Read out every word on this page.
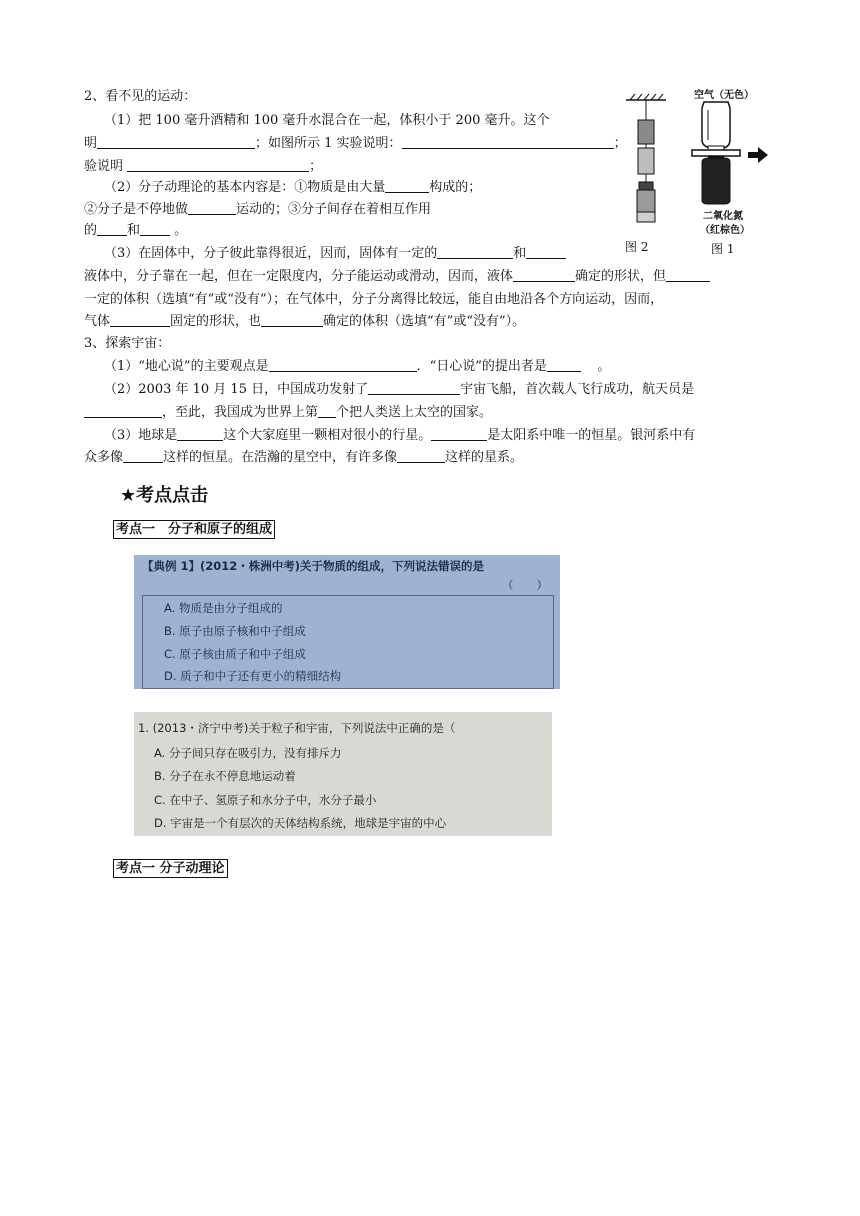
2、看不见的运动：
（1）把 100 毫升酒精和 100 毫升水混合在一起，体积小于 200 毫升。这个
明	；如图所示 1 实验说明：	；
验说明	；
（2）分子动理论的基本内容是：①物质是由大量	构成的；
②分子是不停地做	运动的；③分子间存在着相互作用
的 和	。
（3）在固体中，分子彼此靠得很近，因而，固体有一定的	和
液体中，分子靠在一起，但在一定限度内，分子能运动或滑动，因而，液体	确定的形状，但
一定的体积（选填“有”或“没有”）；在气体中，分子分离得比较远，能自由地沿各个方向运动，因而，
气体	固定的形状，也	确定的体积（选填“有”或“没有”）。
3、探索宇宙：
（1）“地心说”的主要观点是	．“日心说”的提出者是	。
（2）2003 年 10 月 15 日，中国成功发射了	宇宙飞船，首次载人飞行成功，航天员是
，至此，我国成为世界上第 个把人类送上太空的国家。
（3）地球是	这个大家庭里一颗相对很小的行星。	是太阳系中唯一的恒星。银河系中有
众多像	这样的恒星。在浩瀚的星空中，有许多像	这样的星系。
图 2
空气（无色）
二氧化氮
（红棕色）
图 1
★考点点击
考点一　分子和原子的组成
【典例 1】(2012・株洲中考)关于物质的组成，下列说法错误的是
（　　）
A. 物质是由分子组成的
B. 原子由原子核和中子组成
C. 原子核由质子和中子组成
D. 质子和中子还有更小的精细结构
1. (2013・济宁中考)关于粒子和宇宙，下列说法中正确的是（
A. 分子间只存在吸引力，没有排斥力
B. 分子在永不停息地运动着
C. 在中子、氢原子和水分子中，水分子最小
D. 宇宙是一个有层次的天体结构系统，地球是宇宙的中心
考点一 分子动理论
